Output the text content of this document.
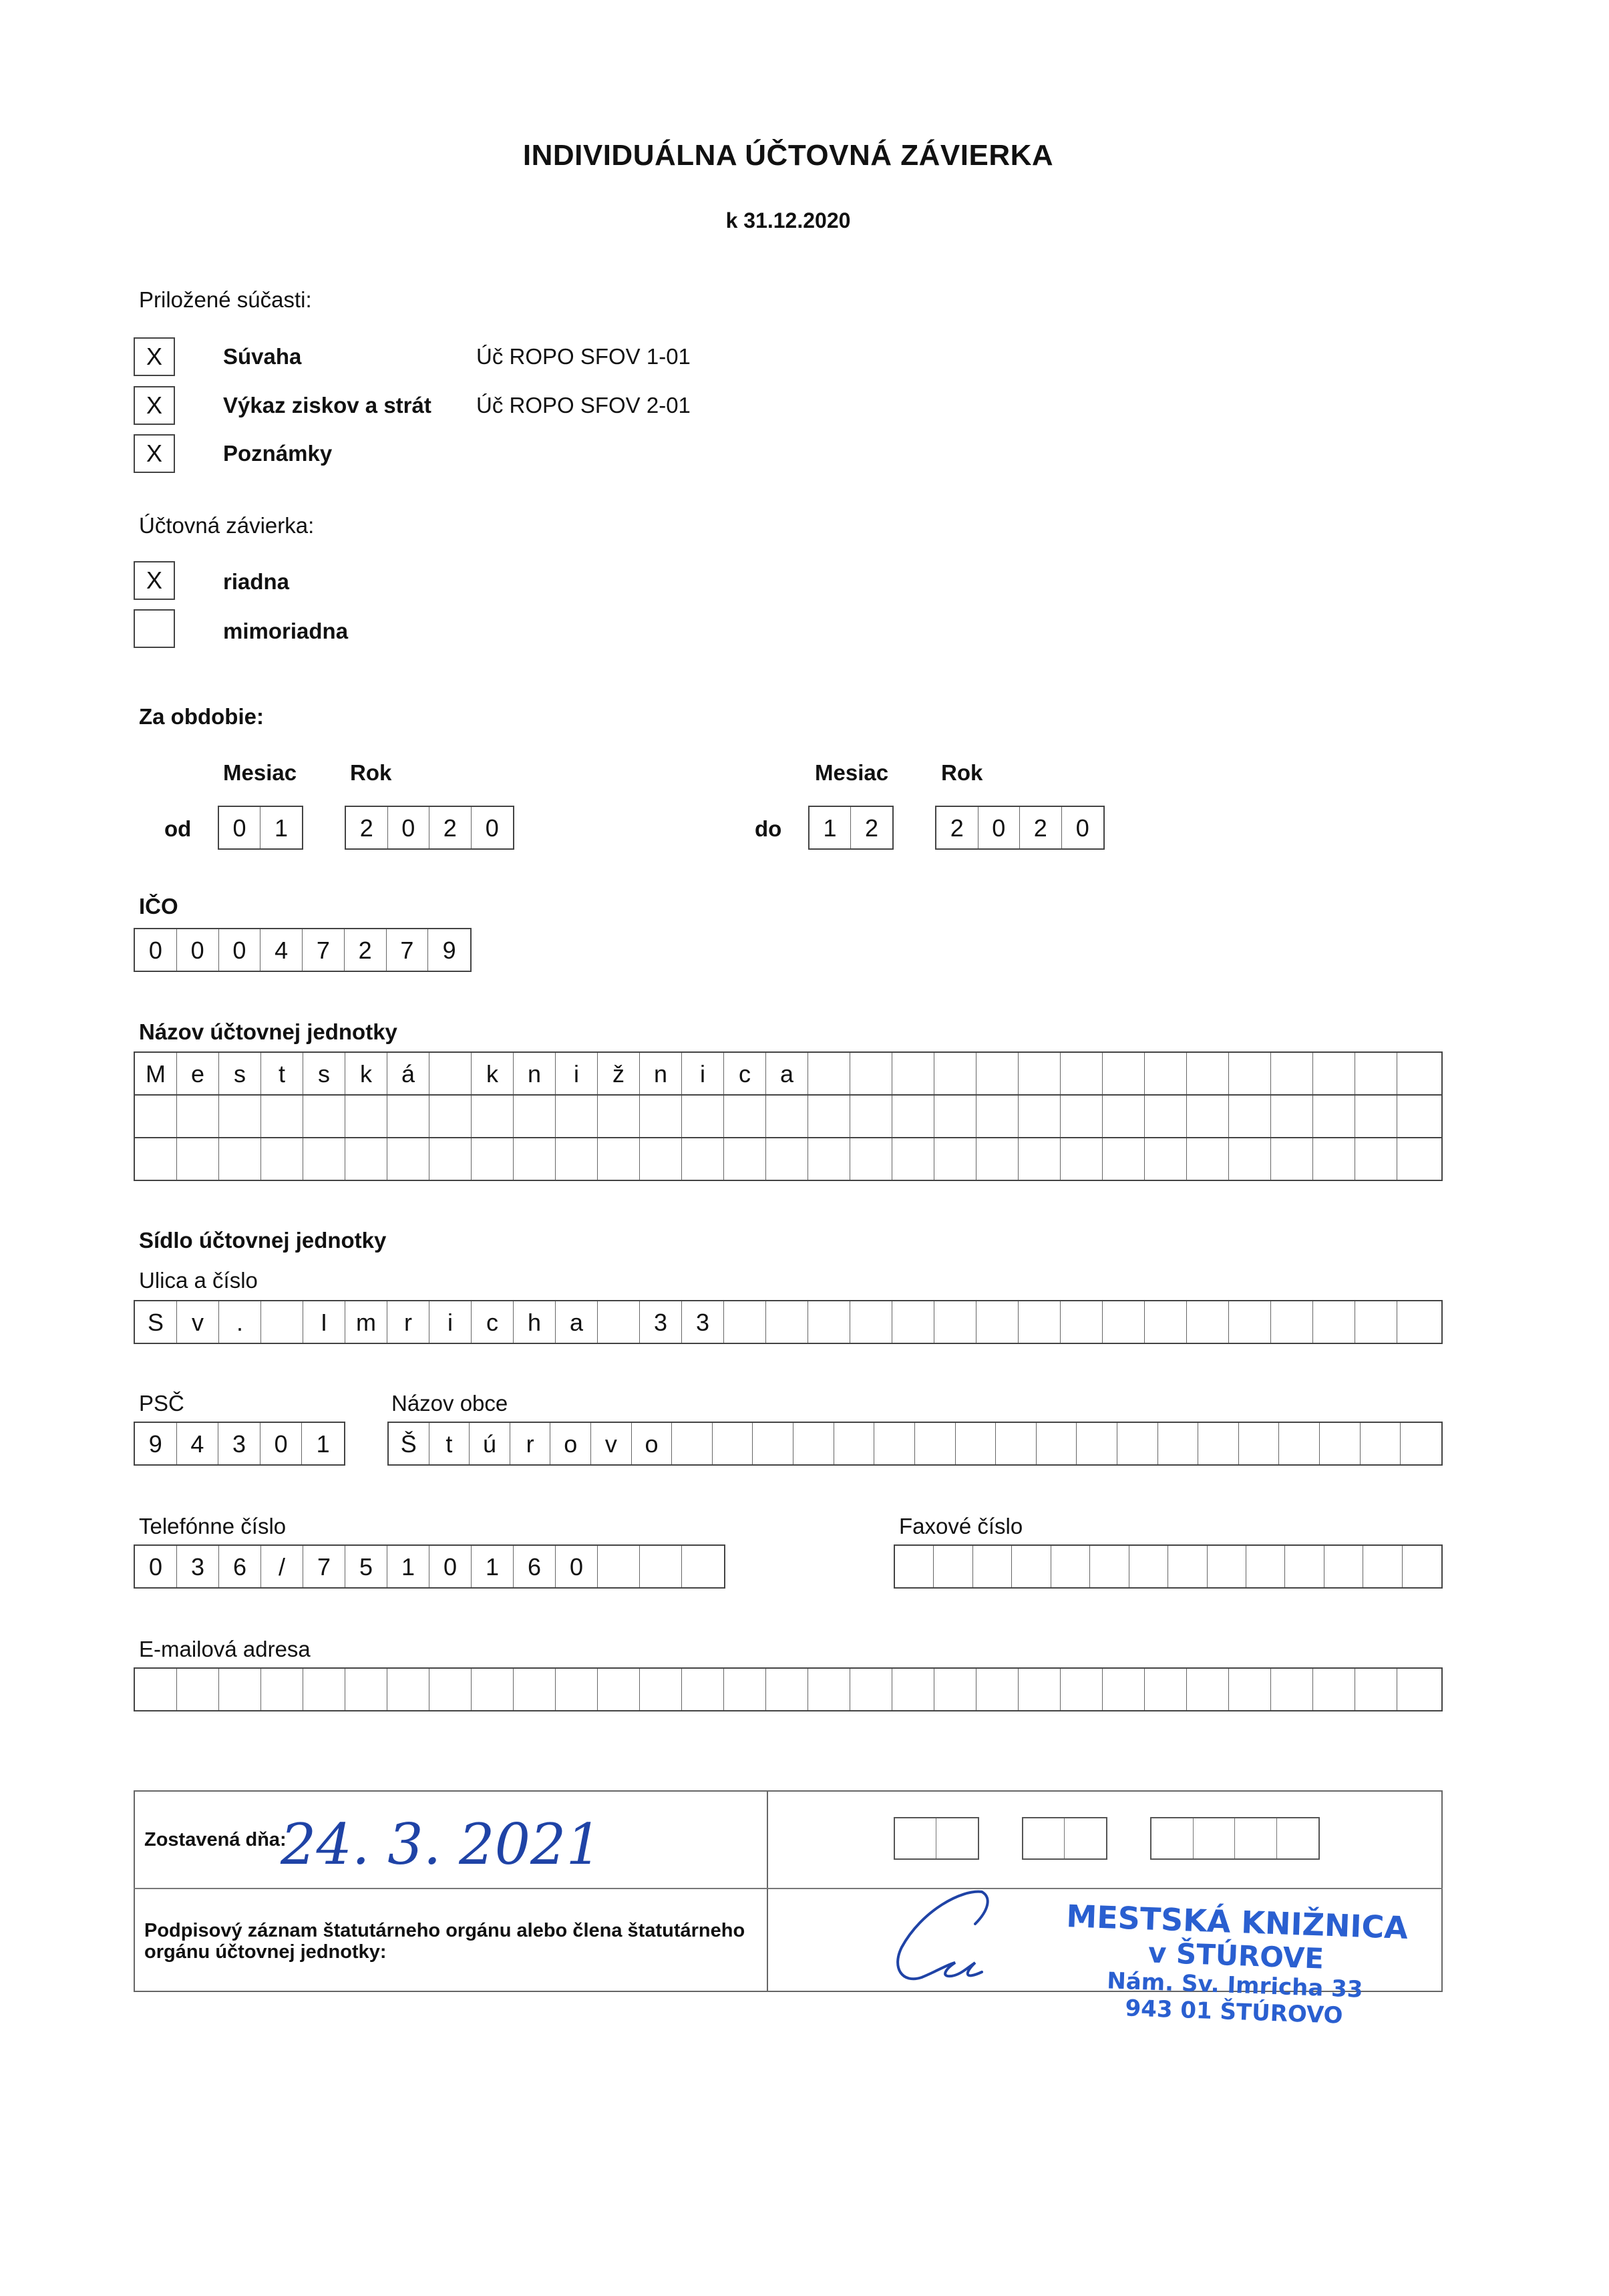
INDIVIDUÁLNA ÚČTOVNÁ ZÁVIERKA
k 31.12.2020
Priložené súčasti:
X	Súvaha	Úč ROPO SFOV 1-01
X	Výkaz ziskov a strát Úč ROPO SFOV 2-01
X	Poznámky
Účtovná závierka:
X	riadna
mimoriadna
Za obdobie:
Mesiac Rok	Mesiac Rok
od	0	1	2	0	2	0	do	1	2	2	0	2	0
IČO
0	0	0	4	7	2	7	9
Názov účtovnej jednotky
M	e	s	t	s	k	á	k	n	i	ž	n	i	c	a
Sídlo účtovnej jednotky
Ulica a číslo
S	v	.	I	m	r	i	c	h	a	3	3
PSČ	Názov obce
9	4	3	0	1	Š	t	ú	r	o	v	o
Telefónne číslo
0	3	6	/	7	5	1	0	1	6	0
Faxové číslo
E-mailová adresa
Zostavená dňa:
24. 3. 2021
Podpisový záznam štatutárneho orgánu alebo člena štatutárneho orgánu účtovnej jednotky:
MESTSKÁ KNIŽNICA
v ŠTÚROVE
Nám. Sv. Imricha 33
943 01 ŠTÚROVO
